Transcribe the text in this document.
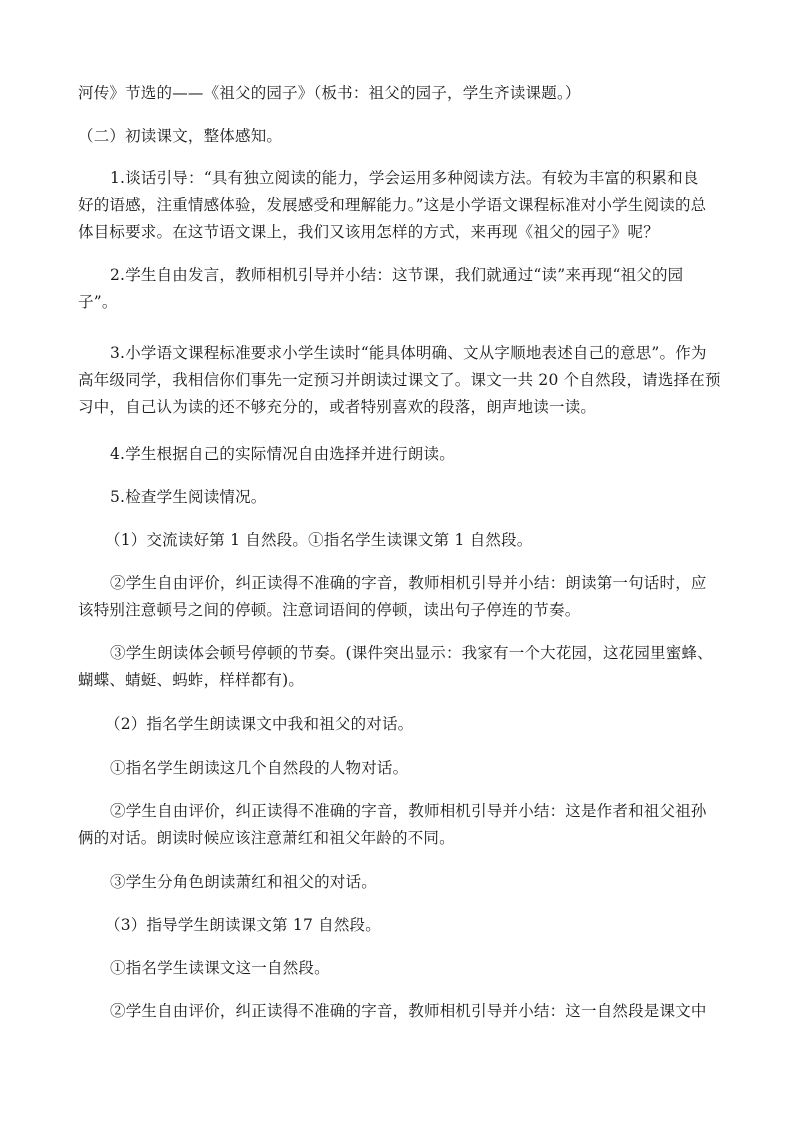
河传》节选的——《祖父的园子》（板书：祖父的园子，学生齐读课题。）
（二）初读课文，整体感知。
1.谈话引导：“具有独立阅读的能力，学会运用多种阅读方法。有较为丰富的积累和良
好的语感，注重情感体验，发展感受和理解能力。”这是小学语文课程标准对小学生阅读的总
体目标要求。在这节语文课上，我们又该用怎样的方式，来再现《祖父的园子》呢？
2.学生自由发言，教师相机引导并小结：这节课，我们就通过“读”来再现“祖父的园
子”。
3.小学语文课程标准要求小学生读时“能具体明确、文从字顺地表述自己的意思”。作为
高年级同学，我相信你们事先一定预习并朗读过课文了。课文一共 20 个自然段，请选择在预
习中，自己认为读的还不够充分的，或者特别喜欢的段落，朗声地读一读。
4.学生根据自己的实际情况自由选择并进行朗读。
5.检查学生阅读情况。
（1）交流读好第 1 自然段。①指名学生读课文第 1 自然段。
②学生自由评价，纠正读得不准确的字音，教师相机引导并小结：朗读第一句话时，应
该特别注意顿号之间的停顿。注意词语间的停顿，读出句子停连的节奏。
③学生朗读体会顿号停顿的节奏。(课件突出显示：我家有一个大花园，这花园里蜜蜂、
蝴蝶、蜻蜓、蚂蚱，样样都有)。
（2）指名学生朗读课文中我和祖父的对话。
①指名学生朗读这几个自然段的人物对话。
②学生自由评价，纠正读得不准确的字音，教师相机引导并小结：这是作者和祖父祖孙
俩的对话。朗读时候应该注意萧红和祖父年龄的不同。
③学生分角色朗读萧红和祖父的对话。
（3）指导学生朗读课文第 17 自然段。
①指名学生读课文这一自然段。
②学生自由评价，纠正读得不准确的字音，教师相机引导并小结：这一自然段是课文中
